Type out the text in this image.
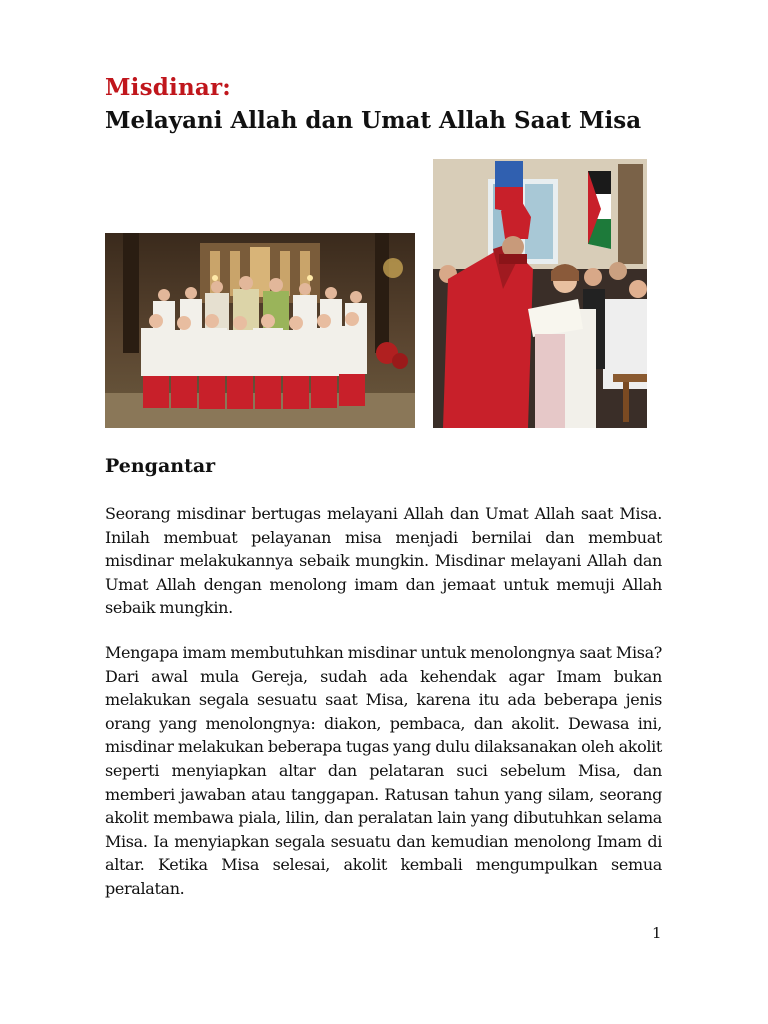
Misdinar:
Melayani Allah dan Umat Allah Saat Misa
Pengantar

Seorang misdinar bertugas melayani Allah dan Umat Allah saat Misa. Inilah membuat pelayanan misa menjadi bernilai dan membuat misdinar melakukannya sebaik mungkin. Misdinar melayani Allah dan Umat Allah dengan menolong imam dan jemaat untuk memuji Allah sebaik mungkin.

Mengapa imam membutuhkan misdinar untuk menolongnya saat Misa? Dari awal mula Gereja, sudah ada kehendak agar Imam bukan melakukan segala sesuatu saat Misa, karena itu ada beberapa jenis orang yang menolongnya: diakon, pembaca, dan akolit. Dewasa ini, misdinar melakukan beberapa tugas yang dulu dilaksanakan oleh akolit seperti menyiapkan altar dan pelataran suci sebelum Misa, dan memberi jawaban atau tanggapan. Ratusan tahun yang silam, seorang akolit membawa piala, lilin, dan peralatan lain yang dibutuhkan selama Misa. Ia menyiapkan segala sesuatu dan kemudian menolong Imam di altar. Ketika Misa selesai, akolit kembali mengumpulkan semua peralatan.

1
